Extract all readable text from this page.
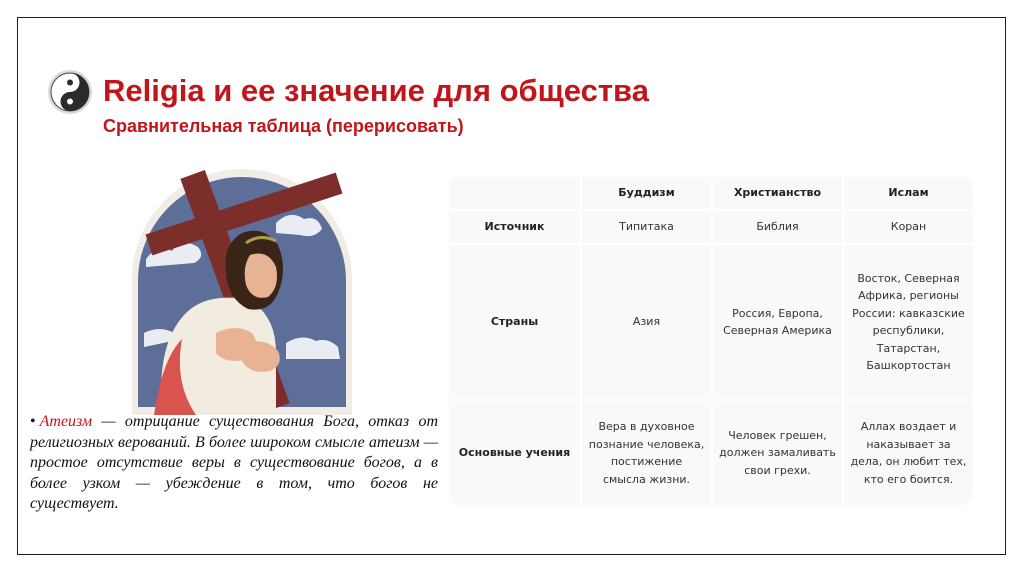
Religia и ее значение для общества
Сравнительная таблица (перерисовать)

• Атеизм — отрицание существования Бога, отказ от религиозных верований. В более широком смысле атеизм — простое отсутствие веры в существование богов, а в более узком — убеждение в том, что богов не существует.

	Буддизм	Христианство	Ислам
Источник	Типитака	Библия	Коран
Страны	Азия	Россия, Европа, Северная Америка	Восток, Северная Африка, регионы России: кавказские республики, Татарстан, Башкортостан
Основные учения	Вера в духовное познание человека, постижение смысла жизни.	Человек грешен, должен замаливать свои грехи.	Аллах воздает и наказывает за дела, он любит тех, кто его боится.
